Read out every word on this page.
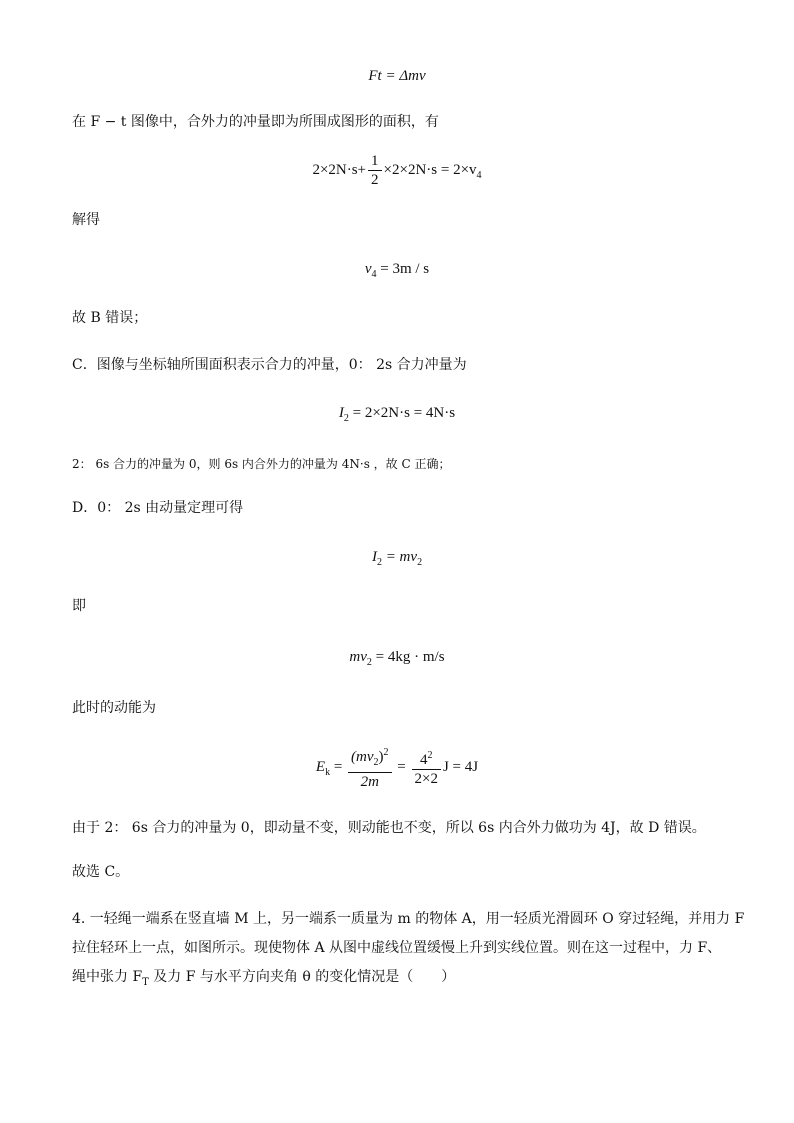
Ft = Δmv
在 F − t 图像中，合外力的冲量即为所围成图形的面积，有
$2\times 2N\cdot s+ \frac{1}{2} \times 2\times 2N\cdot s = 2\times v_4$
解得
$v_4 = 3m / s$
故 B 错误；
C．图像与坐标轴所围面积表示合力的冲量，0： 2s 合力冲量为
$I_2 = 2\times 2N\cdot s = 4N\cdot s$
2： 6s 合力的冲量为 0，则 6s 内合外力的冲量为 4N·s ，故 C 正确；
D．0： 2s 由动量定理可得
$I_2 = mv_2$
即
$mv_2 = 4kg \cdot m/s$
此时的动能为
$E_k = \frac{(mv_2)^2}{2m} = \frac{4^2}{2\times 2}$ J = 4J
由于 2： 6s 合力的冲量为 0，即动量不变，则动能也不变，所以 6s 内合外力做功为 4J，故 D 错误。
故选 C。
4. 一轻绳一端系在竖直墙 M 上，另一端系一质量为 m 的物体 A，用一轻质光滑圆环 O 穿过轻绳，并用力 F
拉住轻环上一点，如图所示。现使物体 A 从图中虚线位置缓慢上升到实线位置。则在这一过程中，力 F、
绳中张力 $F_T$ 及力 F 与水平方向夹角 θ 的变化情况是（　　）
